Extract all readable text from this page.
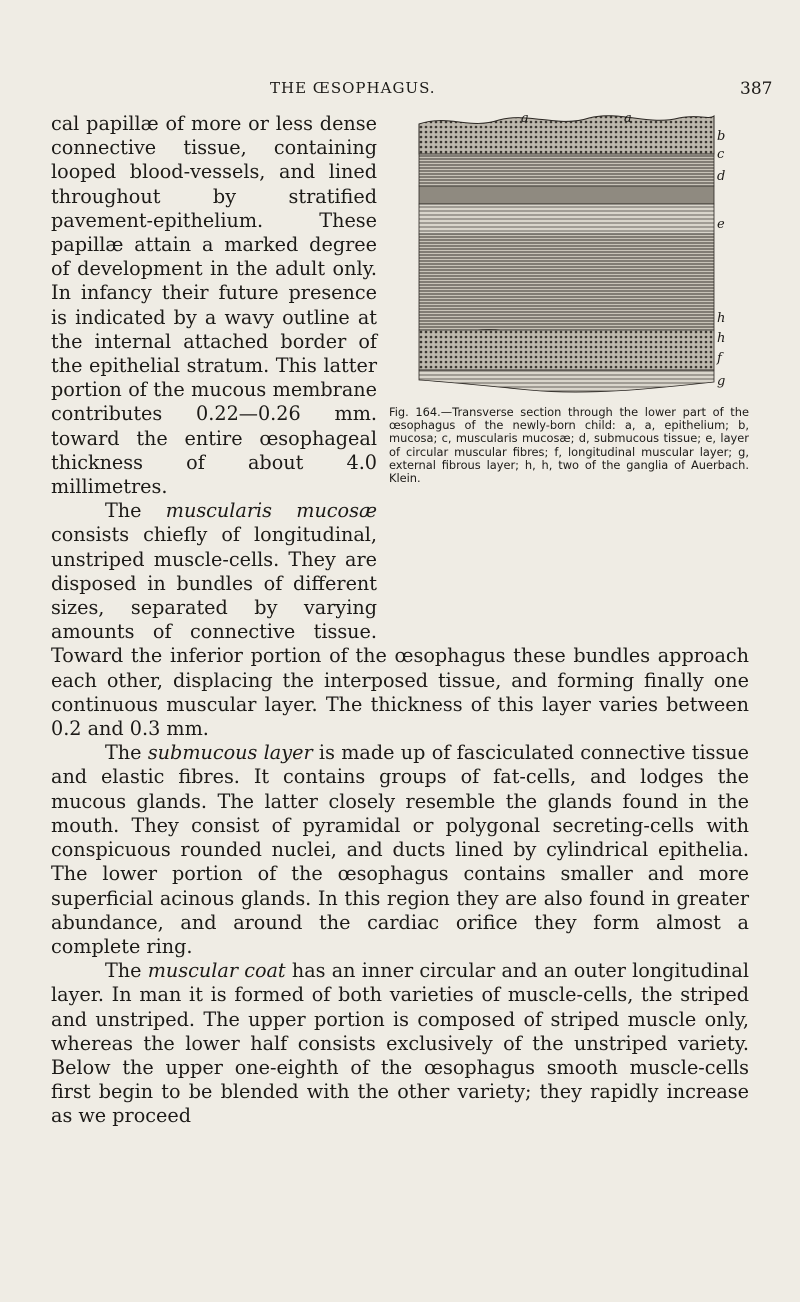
THE ŒSOPHAGUS.	387
a	a
b
c
d
e
h
h
f
g
Fig. 164.—Transverse section through the lower part of the œsophagus of the newly-born child: a, a, epithelium; b, mucosa; c, muscularis mucosæ; d, submucous tissue; e, layer of circular muscular fibres; f, longitudinal muscular layer; g, external fibrous layer; h, h, two of the ganglia of Auerbach. Klein.

cal papillæ of more or less dense connective tissue, containing looped blood-vessels, and lined throughout by stratified pavement-epithelium. These papillæ attain a marked degree of development in the adult only. In infancy their future presence is indicated by a wavy outline at the internal attached border of the epithelial stratum. This latter portion of the mucous membrane contributes 0.22—0.26 mm. toward the entire œsophageal thickness of about 4.0 millimetres.

The muscularis mucosæ consists chiefly of longitudinal, unstriped muscle-cells. They are disposed in bundles of different sizes, separated by varying amounts of connective tissue. Toward the inferior portion of the œsophagus these bundles approach each other, displacing the interposed tissue, and forming finally one continuous muscular layer. The thickness of this layer varies between 0.2 and 0.3 mm.

The submucous layer is made up of fasciculated connective tissue and elastic fibres. It contains groups of fat-cells, and lodges the mucous glands. The latter closely resemble the glands found in the mouth. They consist of pyramidal or polygonal secreting-cells with conspicuous rounded nuclei, and ducts lined by cylindrical epithelia. The lower portion of the œsophagus contains smaller and more superficial acinous glands. In this region they are also found in greater abundance, and around the cardiac orifice they form almost a complete ring.

The muscular coat has an inner circular and an outer longitudinal layer. In man it is formed of both varieties of muscle-cells, the striped and unstriped. The upper portion is composed of striped muscle only, whereas the lower half consists exclusively of the unstriped variety. Below the upper one-eighth of the œsophagus smooth muscle-cells first begin to be blended with the other variety; they rapidly increase as we proceed
